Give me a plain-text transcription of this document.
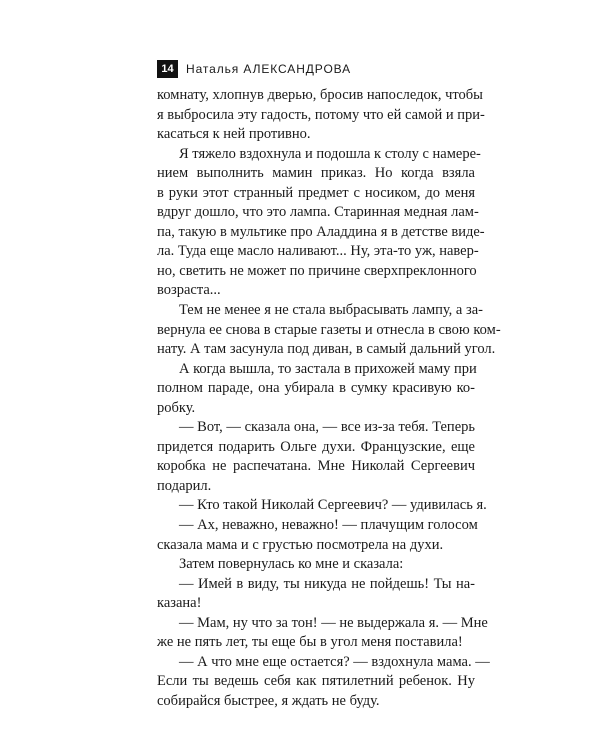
14	Наталья АЛЕКСАНДРОВА
комнату, хлопнув дверью, бросив напоследок, чтобы
я выбросила эту гадость, потому что ей самой и при-
касаться к ней противно.
Я тяжело вздохнула и подошла к столу с намере-
нием выполнить мамин приказ. Но когда взяла
в руки этот странный предмет с носиком, до меня
вдруг дошло, что это лампа. Старинная медная лам-
па, такую в мультике про Аладдина я в детстве виде-
ла. Туда еще масло наливают... Ну, эта-то уж, навер-
но, светить не может по причине сверхпреклонного
возраста...
Тем не менее я не стала выбрасывать лампу, а за-
вернула ее снова в старые газеты и отнесла в свою ком-
нату. А там засунула под диван, в самый дальний угол.
А когда вышла, то застала в прихожей маму при
полном параде, она убирала в сумку красивую ко-
робку.
— Вот, — сказала она, — все из-за тебя. Теперь
придется подарить Ольге духи. Французские, еще
коробка не распечатана. Мне Николай Сергеевич
подарил.
— Кто такой Николай Сергеевич? — удивилась я.
— Ах, неважно, неважно! — плачущим голосом
сказала мама и с грустью посмотрела на духи.
Затем повернулась ко мне и сказала:
— Имей в виду, ты никуда не пойдешь! Ты на-
казана!
— Мам, ну что за тон! — не выдержала я. — Мне
же не пять лет, ты еще бы в угол меня поставила!
— А что мне еще остается? — вздохнула мама. —
Если ты ведешь себя как пятилетний ребенок. Ну
собирайся быстрее, я ждать не буду.
